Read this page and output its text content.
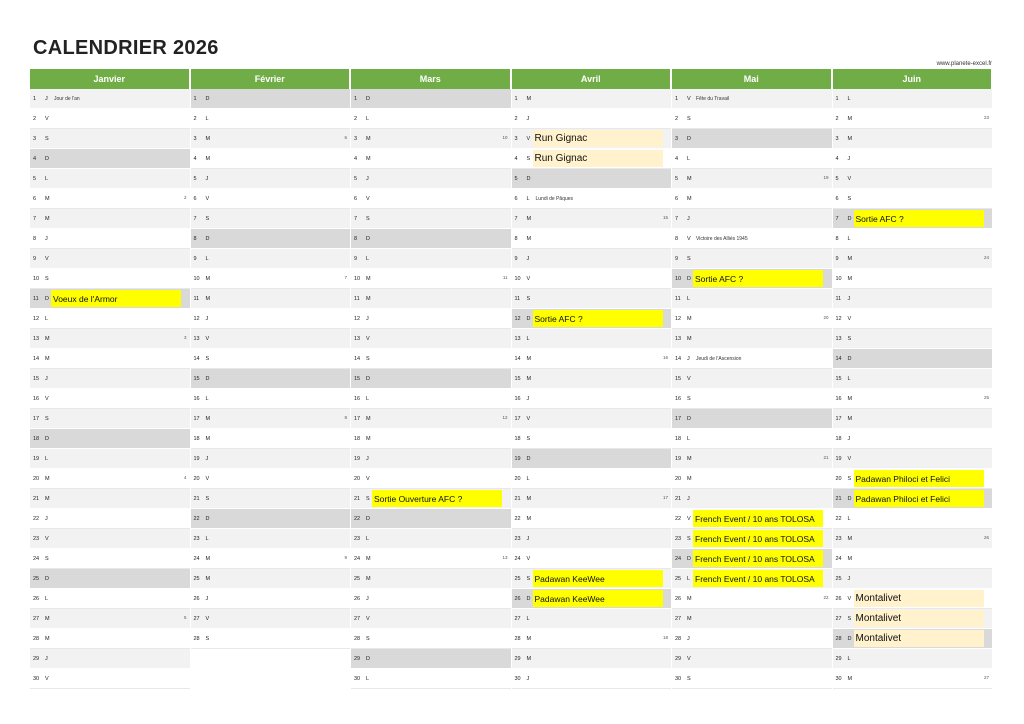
CALENDRIER 2026
www.planete-excel.fr
Janvier
1	J	Jour de l'an
2	V
3	S
4	D
5	L
6	M	2
7	M
8	J
9	V
10	S
11	D Voeux de l'Armor
12	L
13	M	3
14	M
15	J
16	V
17	S
18	D
19	L
20	M	4
21	M
22	J
23	V
24	S
25	D
26	L
27	M	5
28	M
29	J
30	V
Février
1	D
2	L
3	M	6
4	M
5	J
6	V
7	S
8	D
9	L
10	M	7
11	M
12	J
13	V
14	S
15	D
16	L
17	M	8
18	M
19	J
20	V
21	S
22	D
23	L
24	M	9
25	M
26	J
27	V
28	S
Mars
1	D
2	L
3	M	10
4	M
5	J
6	V
7	S
8	D
9	L
10	M	11
11	M
12	J
13	V
14	S
15	D
16	L
17	M	12
18	M
19	J
20	V
21	S Sortie Ouverture AFC ?
22	D
23	L
24	M	13
25	M
26	J
27	V
28	S
29	D
30	L
Avril
1	M
2	J
3	V Run Gignac
4	S Run Gignac
5	D
6	L	Lundi de Pâques
7	M	15
8	M
9	J
10	V
11	S
12	D Sortie AFC ?
13	L
14	M	16
15	M
16	J
17	V
18	S
19	D
20	L
21	M	17
22	M
23	J
24	V
25	S Padawan KeeWee
26	D Padawan KeeWee
27	L
28	M	18
29	M
30	J
Mai
1	V	Fête du Travail
2	S
3	D
4	L
5	M	19
6	M
7	J
8	V	Victoire des Alliés 1945
9	S
10	D Sortie AFC ?
11	L
12	M	20
13	M
14	J	Jeudi de l'Ascension
15	V
16	S
17	D
18	L
19	M	21
20	M
21	J
22	V French Event / 10 ans TOLOSA
23	S French Event / 10 ans TOLOSA
24	D French Event / 10 ans TOLOSA
25	L French Event / 10 ans TOLOSA
26	M	22
27	M
28	J
29	V
30	S
Juin
1	L
2	M	23
3	M
4	J
5	V
6	S
7	D Sortie AFC ?
8	L
9	M	24
10	M
11	J
12	V
13	S
14	D
15	L
16	M	25
17	M
18	J
19	V
20	S Padawan Philoci et Felici
21	D Padawan Philoci et Felici
22	L
23	M	26
24	M
25	J
26	V Montalivet
27	S Montalivet
28	D Montalivet
29	L
30	M	27
